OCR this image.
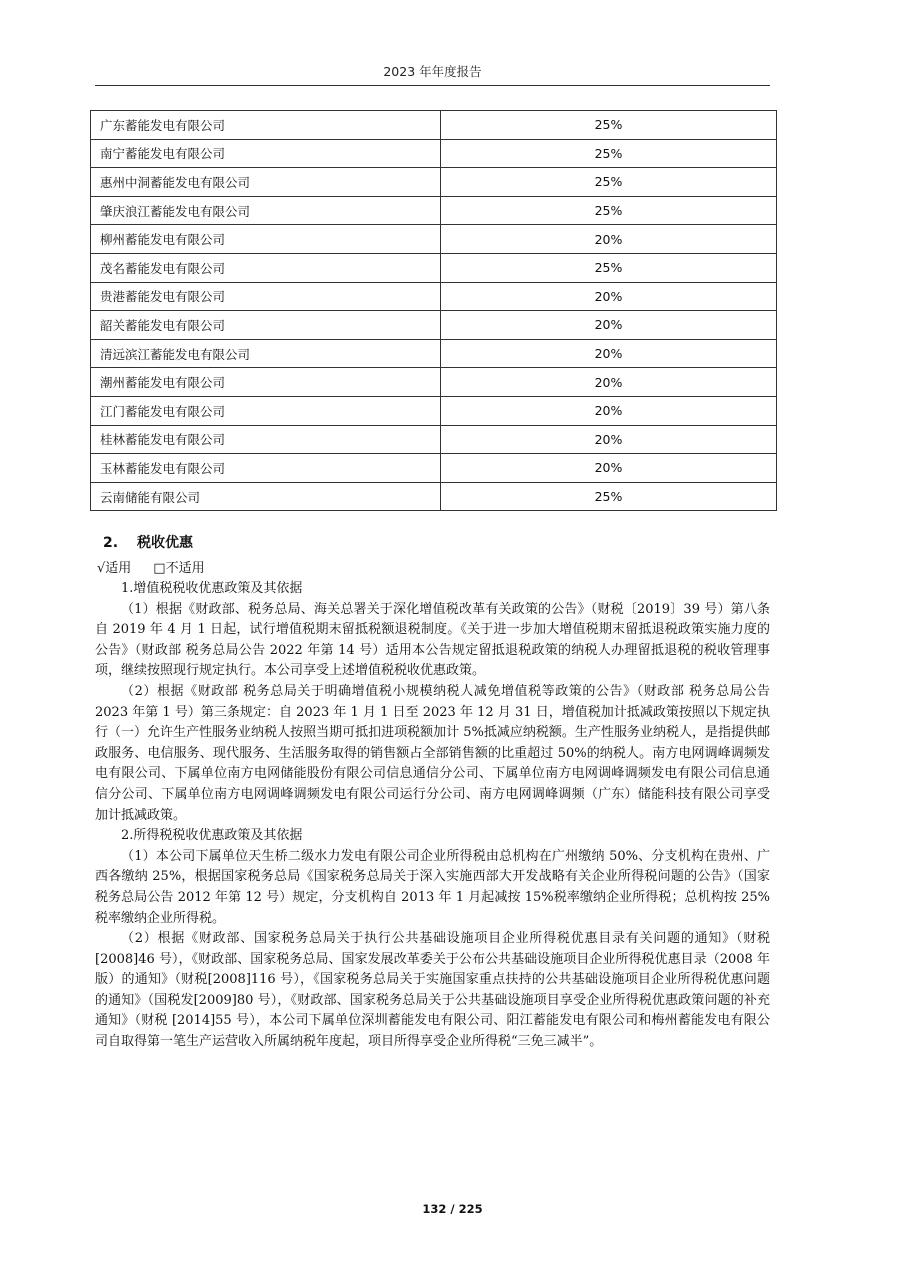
2023 年年度报告
广东蓄能发电有限公司	25%
南宁蓄能发电有限公司	25%
惠州中洞蓄能发电有限公司	25%
肇庆浪江蓄能发电有限公司	25%
柳州蓄能发电有限公司	20%
茂名蓄能发电有限公司	25%
贵港蓄能发电有限公司	20%
韶关蓄能发电有限公司	20%
清远滨江蓄能发电有限公司	20%
潮州蓄能发电有限公司	20%
江门蓄能发电有限公司	20%
桂林蓄能发电有限公司	20%
玉林蓄能发电有限公司	20%
云南储能有限公司	25%
2. 税收优惠
√适用 □不适用

1.增值税税收优惠政策及其依据

（1）根据《财政部、税务总局、海关总署关于深化增值税改革有关政策的公告》（财税〔2019〕39 号）第八条自 2019 年 4 月 1 日起，试行增值税期末留抵税额退税制度。《关于进一步加大增值税期末留抵退税政策实施力度的公告》（财政部 税务总局公告 2022 年第 14 号）适用本公告规定留抵退税政策的纳税人办理留抵退税的税收管理事项，继续按照现行规定执行。本公司享受上述增值税税收优惠政策。

（2）根据《财政部 税务总局关于明确增值税小规模纳税人减免增值税等政策的公告》（财政部 税务总局公告 2023 年第 1 号）第三条规定：自 2023 年 1 月 1 日至 2023 年 12 月 31 日，增值税加计抵减政策按照以下规定执行（一）允许生产性服务业纳税人按照当期可抵扣进项税额加计 5%抵减应纳税额。生产性服务业纳税人，是指提供邮政服务、电信服务、现代服务、生活服务取得的销售额占全部销售额的比重超过 50%的纳税人。南方电网调峰调频发电有限公司、下属单位南方电网储能股份有限公司信息通信分公司、下属单位南方电网调峰调频发电有限公司信息通信分公司、下属单位南方电网调峰调频发电有限公司运行分公司、南方电网调峰调频（广东）储能科技有限公司享受加计抵减政策。

2.所得税税收优惠政策及其依据

（1）本公司下属单位天生桥二级水力发电有限公司企业所得税由总机构在广州缴纳 50%、分支机构在贵州、广西各缴纳 25%，根据国家税务总局《国家税务总局关于深入实施西部大开发战略有关企业所得税问题的公告》（国家税务总局公告 2012 年第 12 号）规定，分支机构自 2013 年 1 月起减按 15%税率缴纳企业所得税；总机构按 25%税率缴纳企业所得税。

（2）根据《财政部、国家税务总局关于执行公共基础设施项目企业所得税优惠目录有关问题的通知》（财税[2008]46 号），《财政部、国家税务总局、国家发展改革委关于公布公共基础设施项目企业所得税优惠目录（2008 年版）的通知》（财税[2008]116 号），《国家税务总局关于实施国家重点扶持的公共基础设施项目企业所得税优惠问题的通知》（国税发[2009]80 号），《财政部、国家税务总局关于公共基础设施项目享受企业所得税优惠政策问题的补充通知》（财税 [2014]55 号），本公司下属单位深圳蓄能发电有限公司、阳江蓄能发电有限公司和梅州蓄能发电有限公司自取得第一笔生产运营收入所属纳税年度起，项目所得享受企业所得税“三免三减半”。

132 / 225
